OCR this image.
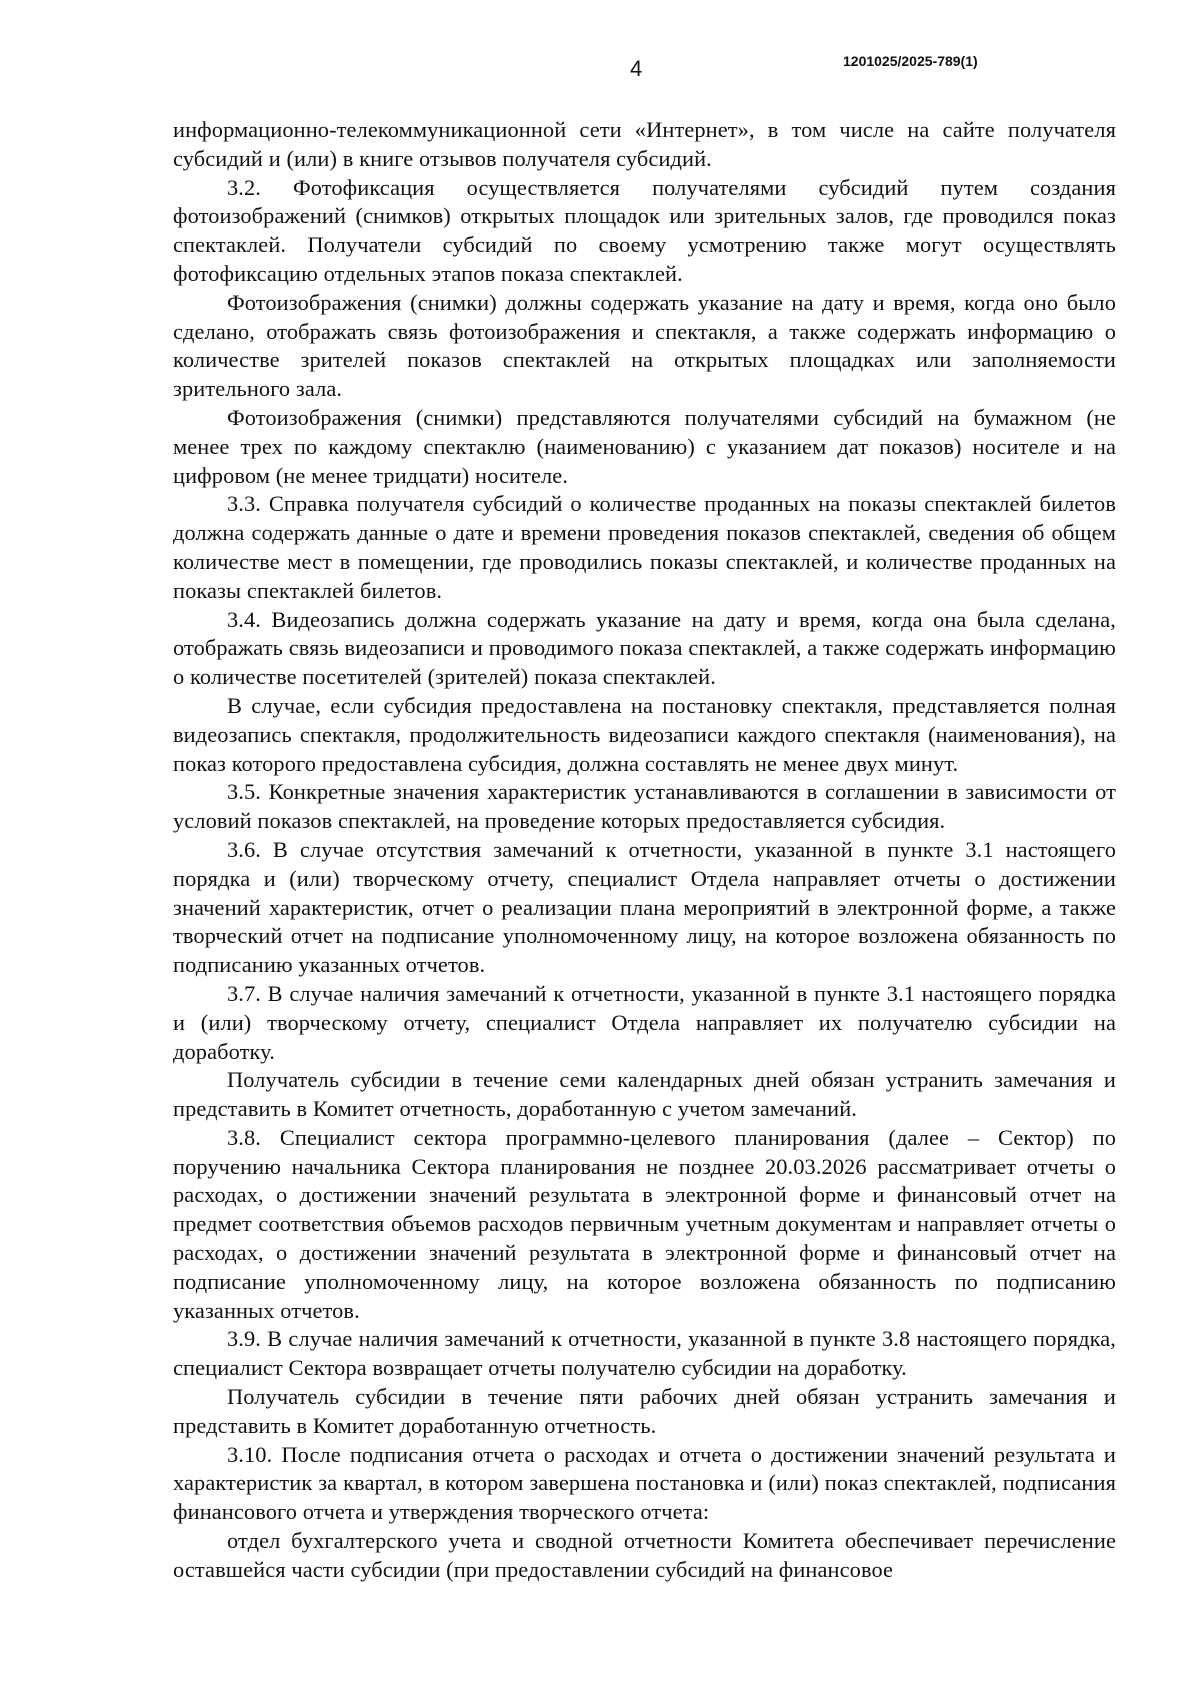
4	1201025/2025-789(1)

информационно-телекоммуникационной сети «Интернет», в том числе на сайте получателя субсидий и (или) в книге отзывов получателя субсидий.

3.2. Фотофиксация осуществляется получателями субсидий путем создания фотоизображений (снимков) открытых площадок или зрительных залов, где проводился показ спектаклей. Получатели субсидий по своему усмотрению также могут осуществлять фотофиксацию отдельных этапов показа спектаклей.

Фотоизображения (снимки) должны содержать указание на дату и время, когда оно было сделано, отображать связь фотоизображения и спектакля, а также содержать информацию о количестве зрителей показов спектаклей на открытых площадках или заполняемости зрительного зала.

Фотоизображения (снимки) представляются получателями субсидий на бумажном (не менее трех по каждому спектаклю (наименованию) с указанием дат показов) носителе и на цифровом (не менее тридцати) носителе.

3.3. Справка получателя субсидий о количестве проданных на показы спектаклей билетов должна содержать данные о дате и времени проведения показов спектаклей, сведения об общем количестве мест в помещении, где проводились показы спектаклей, и количестве проданных на показы спектаклей билетов.

3.4. Видеозапись должна содержать указание на дату и время, когда она была сделана, отображать связь видеозаписи и проводимого показа спектаклей, а также содержать информацию о количестве посетителей (зрителей) показа спектаклей.

В случае, если субсидия предоставлена на постановку спектакля, представляется полная видеозапись спектакля, продолжительность видеозаписи каждого спектакля (наименования), на показ которого предоставлена субсидия, должна составлять не менее двух минут.

3.5. Конкретные значения характеристик устанавливаются в соглашении в зависимости от условий показов спектаклей, на проведение которых предоставляется субсидия.

3.6. В случае отсутствия замечаний к отчетности, указанной в пункте 3.1 настоящего порядка и (или) творческому отчету, специалист Отдела направляет отчеты о достижении значений характеристик, отчет о реализации плана мероприятий в электронной форме, а также творческий отчет на подписание уполномоченному лицу, на которое возложена обязанность по подписанию указанных отчетов.

3.7. В случае наличия замечаний к отчетности, указанной в пункте 3.1 настоящего порядка и (или) творческому отчету, специалист Отдела направляет их получателю субсидии на доработку.

Получатель субсидии в течение семи календарных дней обязан устранить замечания и представить в Комитет отчетность, доработанную с учетом замечаний.

3.8. Специалист сектора программно-целевого планирования (далее – Сектор) по поручению начальника Сектора планирования не позднее 20.03.2026 рассматривает отчеты о расходах, о достижении значений результата в электронной форме и финансовый отчет на предмет соответствия объемов расходов первичным учетным документам и направляет отчеты о расходах, о достижении значений результата в электронной форме и финансовый отчет на подписание уполномоченному лицу, на которое возложена обязанность по подписанию указанных отчетов.

3.9. В случае наличия замечаний к отчетности, указанной в пункте 3.8 настоящего порядка, специалист Сектора возвращает отчеты получателю субсидии на доработку.

Получатель субсидии в течение пяти рабочих дней обязан устранить замечания и представить в Комитет доработанную отчетность.

3.10. После подписания отчета о расходах и отчета о достижении значений результата и характеристик за квартал, в котором завершена постановка и (или) показ спектаклей, подписания финансового отчета и утверждения творческого отчета:

отдел бухгалтерского учета и сводной отчетности Комитета обеспечивает перечисление оставшейся части субсидии (при предоставлении субсидий на финансовое
